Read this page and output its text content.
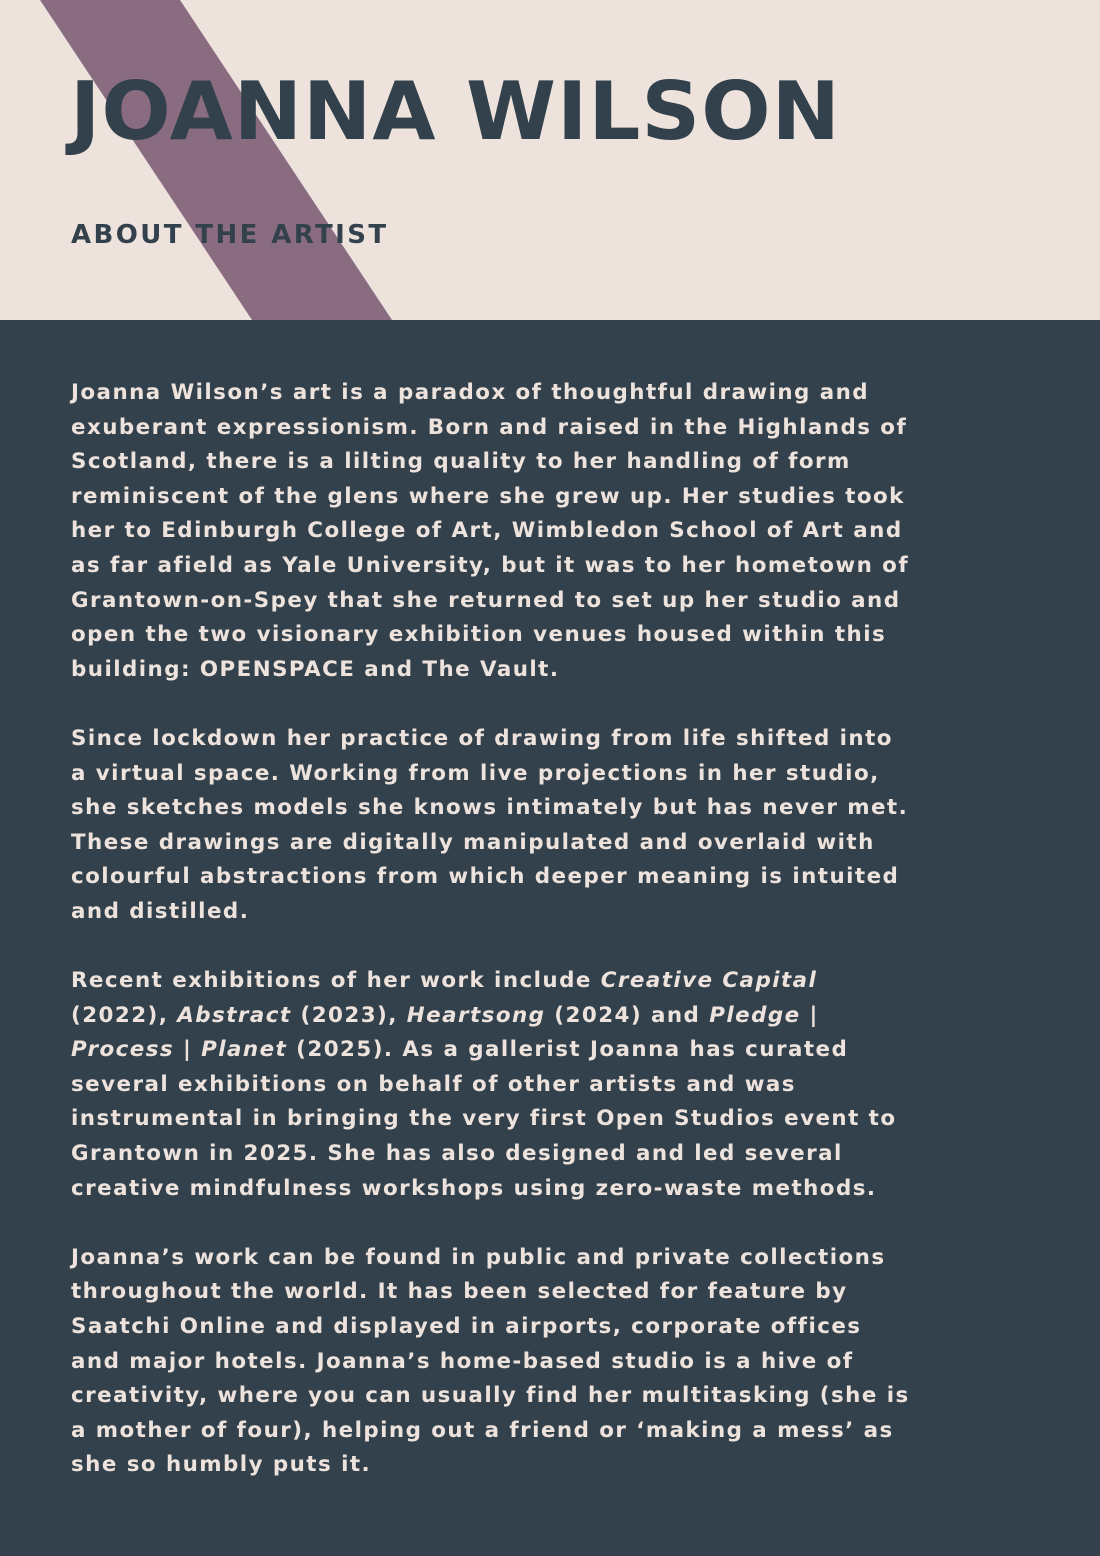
JOANNA WILSON
ABOUT THE ARTIST

Joanna Wilson’s art is a paradox of thoughtful drawing and
exuberant expressionism. Born and raised in the Highlands of
Scotland, there is a lilting quality to her handling of form
reminiscent of the glens where she grew up. Her studies took
her to Edinburgh College of Art, Wimbledon School of Art and
as far afield as Yale University, but it was to her hometown of
Grantown-on-Spey that she returned to set up her studio and
open the two visionary exhibition venues housed within this
building: OPENSPACE and The Vault.

Since lockdown her practice of drawing from life shifted into
a virtual space. Working from live projections in her studio,
she sketches models she knows intimately but has never met.
These drawings are digitally manipulated and overlaid with
colourful abstractions from which deeper meaning is intuited
and distilled.

Recent exhibitions of her work include Creative Capital
(2022), Abstract (2023), Heartsong (2024) and Pledge |
Process | Planet (2025). As a gallerist Joanna has curated
several exhibitions on behalf of other artists and was
instrumental in bringing the very first Open Studios event to
Grantown in 2025. She has also designed and led several
creative mindfulness workshops using zero-waste methods.

Joanna’s work can be found in public and private collections
throughout the world. It has been selected for feature by
Saatchi Online and displayed in airports, corporate offices
and major hotels. Joanna’s home-based studio is a hive of
creativity, where you can usually find her multitasking (she is
a mother of four), helping out a friend or ‘making a mess’ as
she so humbly puts it.
